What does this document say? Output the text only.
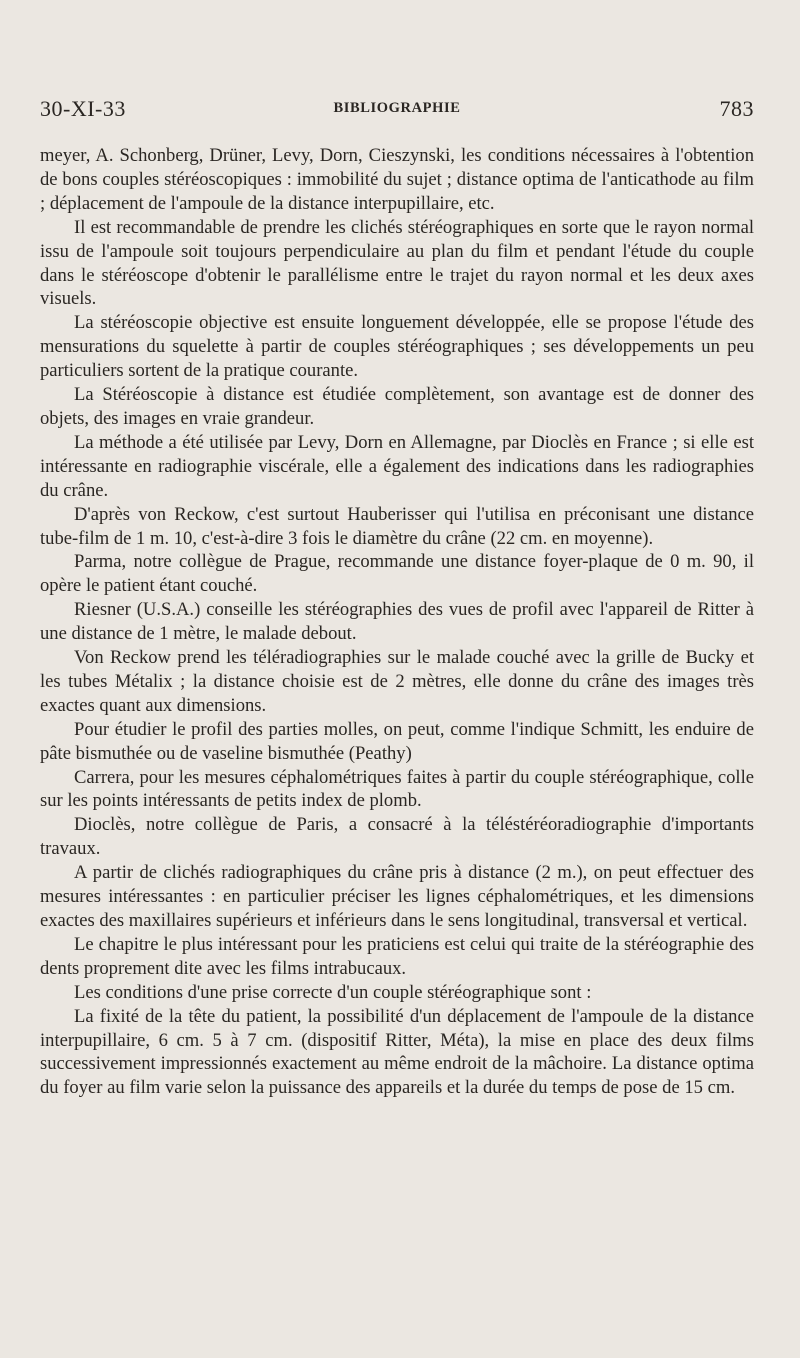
30-XI-33	BIBLIOGRAPHIE	783

meyer, A. Schonberg, Drüner, Levy, Dorn, Cieszynski, les conditions nécessaires à l'obtention de bons couples stéréoscopiques : immobilité du sujet ; distance optima de l'anticathode au film ; déplacement de l'ampoule de la distance interpupillaire, etc.

Il est recommandable de prendre les clichés stéréographiques en sorte que le rayon normal issu de l'ampoule soit toujours perpendiculaire au plan du film et pendant l'étude du couple dans le stéréoscope d'obtenir le parallélisme entre le trajet du rayon normal et les deux axes visuels.

La stéréoscopie objective est ensuite longuement développée, elle se propose l'étude des mensurations du squelette à partir de couples stéréographiques ; ses développements un peu particuliers sortent de la pratique courante.

La Stéréoscopie à distance est étudiée complètement, son avantage est de donner des objets, des images en vraie grandeur.

La méthode a été utilisée par Levy, Dorn en Allemagne, par Dioclès en France ; si elle est intéressante en radiographie viscérale, elle a également des indications dans les radiographies du crâne.

D'après von Reckow, c'est surtout Hauberisser qui l'utilisa en préconisant une distance tube-film de 1 m. 10, c'est-à-dire 3 fois le diamètre du crâne (22 cm. en moyenne).

Parma, notre collègue de Prague, recommande une distance foyer-plaque de 0 m. 90, il opère le patient étant couché.

Riesner (U.S.A.) conseille les stéréographies des vues de profil avec l'appareil de Ritter à une distance de 1 mètre, le malade debout.

Von Reckow prend les téléradiographies sur le malade couché avec la grille de Bucky et les tubes Métalix ; la distance choisie est de 2 mètres, elle donne du crâne des images très exactes quant aux dimensions.

Pour étudier le profil des parties molles, on peut, comme l'indique Schmitt, les enduire de pâte bismuthée ou de vaseline bismuthée (Peathy)

Carrera, pour les mesures céphalométriques faites à partir du couple stéréographique, colle sur les points intéressants de petits index de plomb.

Dioclès, notre collègue de Paris, a consacré à la téléstéréoradiographie d'importants travaux.

A partir de clichés radiographiques du crâne pris à distance (2 m.), on peut effectuer des mesures intéressantes : en particulier préciser les lignes céphalométriques, et les dimensions exactes des maxillaires supérieurs et inférieurs dans le sens longitudinal, transversal et vertical.

Le chapitre le plus intéressant pour les praticiens est celui qui traite de la stéréographie des dents proprement dite avec les films intrabucaux.

Les conditions d'une prise correcte d'un couple stéréographique sont :

La fixité de la tête du patient, la possibilité d'un déplacement de l'ampoule de la distance interpupillaire, 6 cm. 5 à 7 cm. (dispositif Ritter, Méta), la mise en place des deux films successivement impressionnés exactement au même endroit de la mâchoire. La distance optima du foyer au film varie selon la puissance des appareils et la durée du temps de pose de 15 cm.
